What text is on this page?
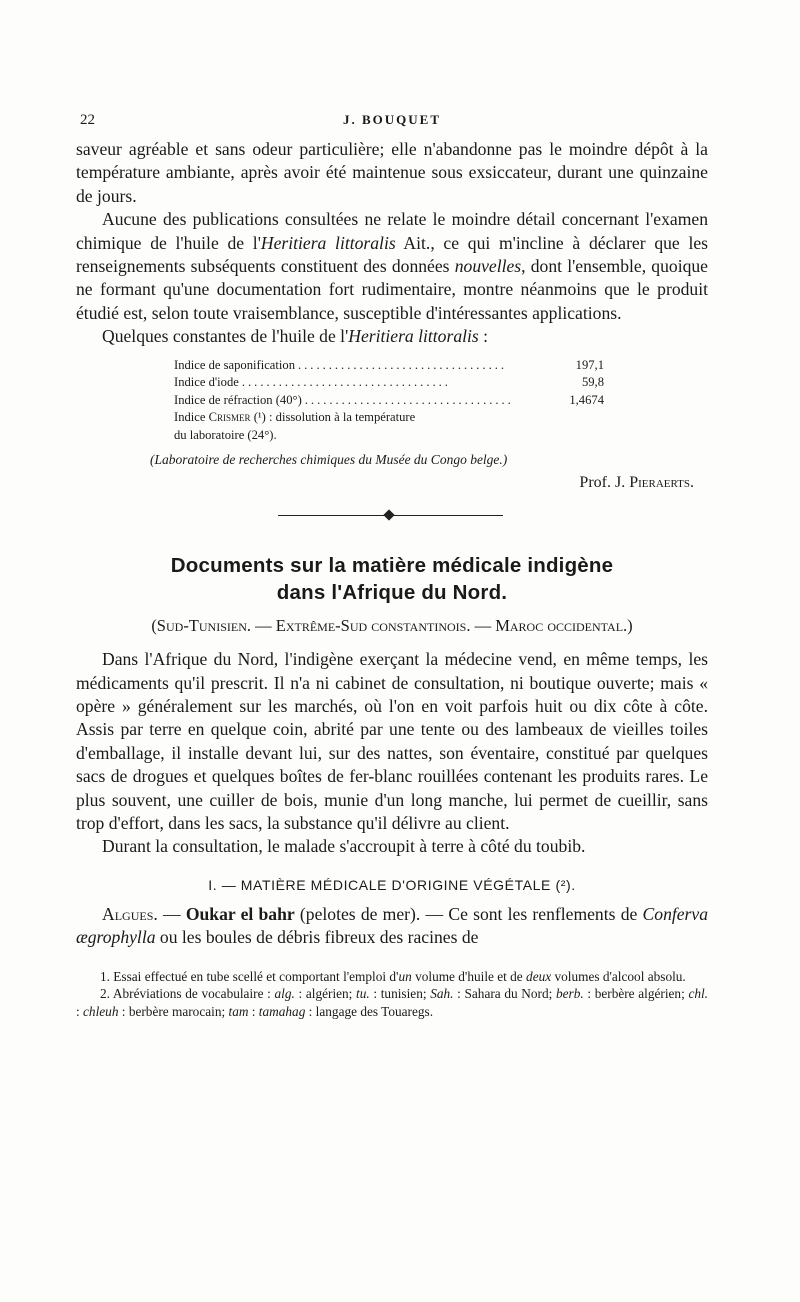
22	J. BOUQUET

saveur agréable et sans odeur particulière; elle n'abandonne pas le moindre dépôt à la température ambiante, après avoir été maintenue sous exsiccateur, durant une quinzaine de jours.

Aucune des publications consultées ne relate le moindre détail concernant l'examen chimique de l'huile de l'Heritiera littoralis Ait., ce qui m'incline à déclarer que les renseignements subséquents constituent des données nouvelles, dont l'ensemble, quoique ne formant qu'une documentation fort rudimentaire, montre néanmoins que le produit étudié est, selon toute vraisemblance, susceptible d'intéressantes applications.

Quelques constantes de l'huile de l'Heritiera littoralis :

Indice de saponification ..................................	197,1
Indice d'iode ..................................	59,8
Indice de réfraction (40°) ..................................	1,4674
Indice Crismer (¹) : dissolution à la température
du laboratoire (24°).
(Laboratoire de recherches chimiques du Musée du Congo belge.)
Prof. J. Pieraerts.
Documents sur la matière médicale indigène
dans l'Afrique du Nord.
(Sud-Tunisien. — Extrême-Sud constantinois. — Maroc occidental.)

Dans l'Afrique du Nord, l'indigène exerçant la médecine vend, en même temps, les médicaments qu'il prescrit. Il n'a ni cabinet de consultation, ni boutique ouverte; mais « opère » généralement sur les marchés, où l'on en voit parfois huit ou dix côte à côte. Assis par terre en quelque coin, abrité par une tente ou des lambeaux de vieilles toiles d'emballage, il installe devant lui, sur des nattes, son éventaire, constitué par quelques sacs de drogues et quelques boîtes de fer-blanc rouillées contenant les produits rares. Le plus souvent, une cuiller de bois, munie d'un long manche, lui permet de cueillir, sans trop d'effort, dans les sacs, la substance qu'il délivre au client.

Durant la consultation, le malade s'accroupit à terre à côté du toubib.

I. — MATIÈRE MÉDICALE D'ORIGINE VÉGÉTALE (²).

Algues. — Oukar el bahr (pelotes de mer). — Ce sont les renflements de Conferva ægrophylla ou les boules de débris fibreux des racines de

1. Essai effectué en tube scellé et comportant l'emploi d'un volume d'huile et de deux volumes d'alcool absolu.
2. Abréviations de vocabulaire : alg. : algérien; tu. : tunisien; Sah. : Sahara du Nord; berb. : berbère algérien; chl. : chleuh : berbère marocain; tam : tamahag : langage des Touaregs.
